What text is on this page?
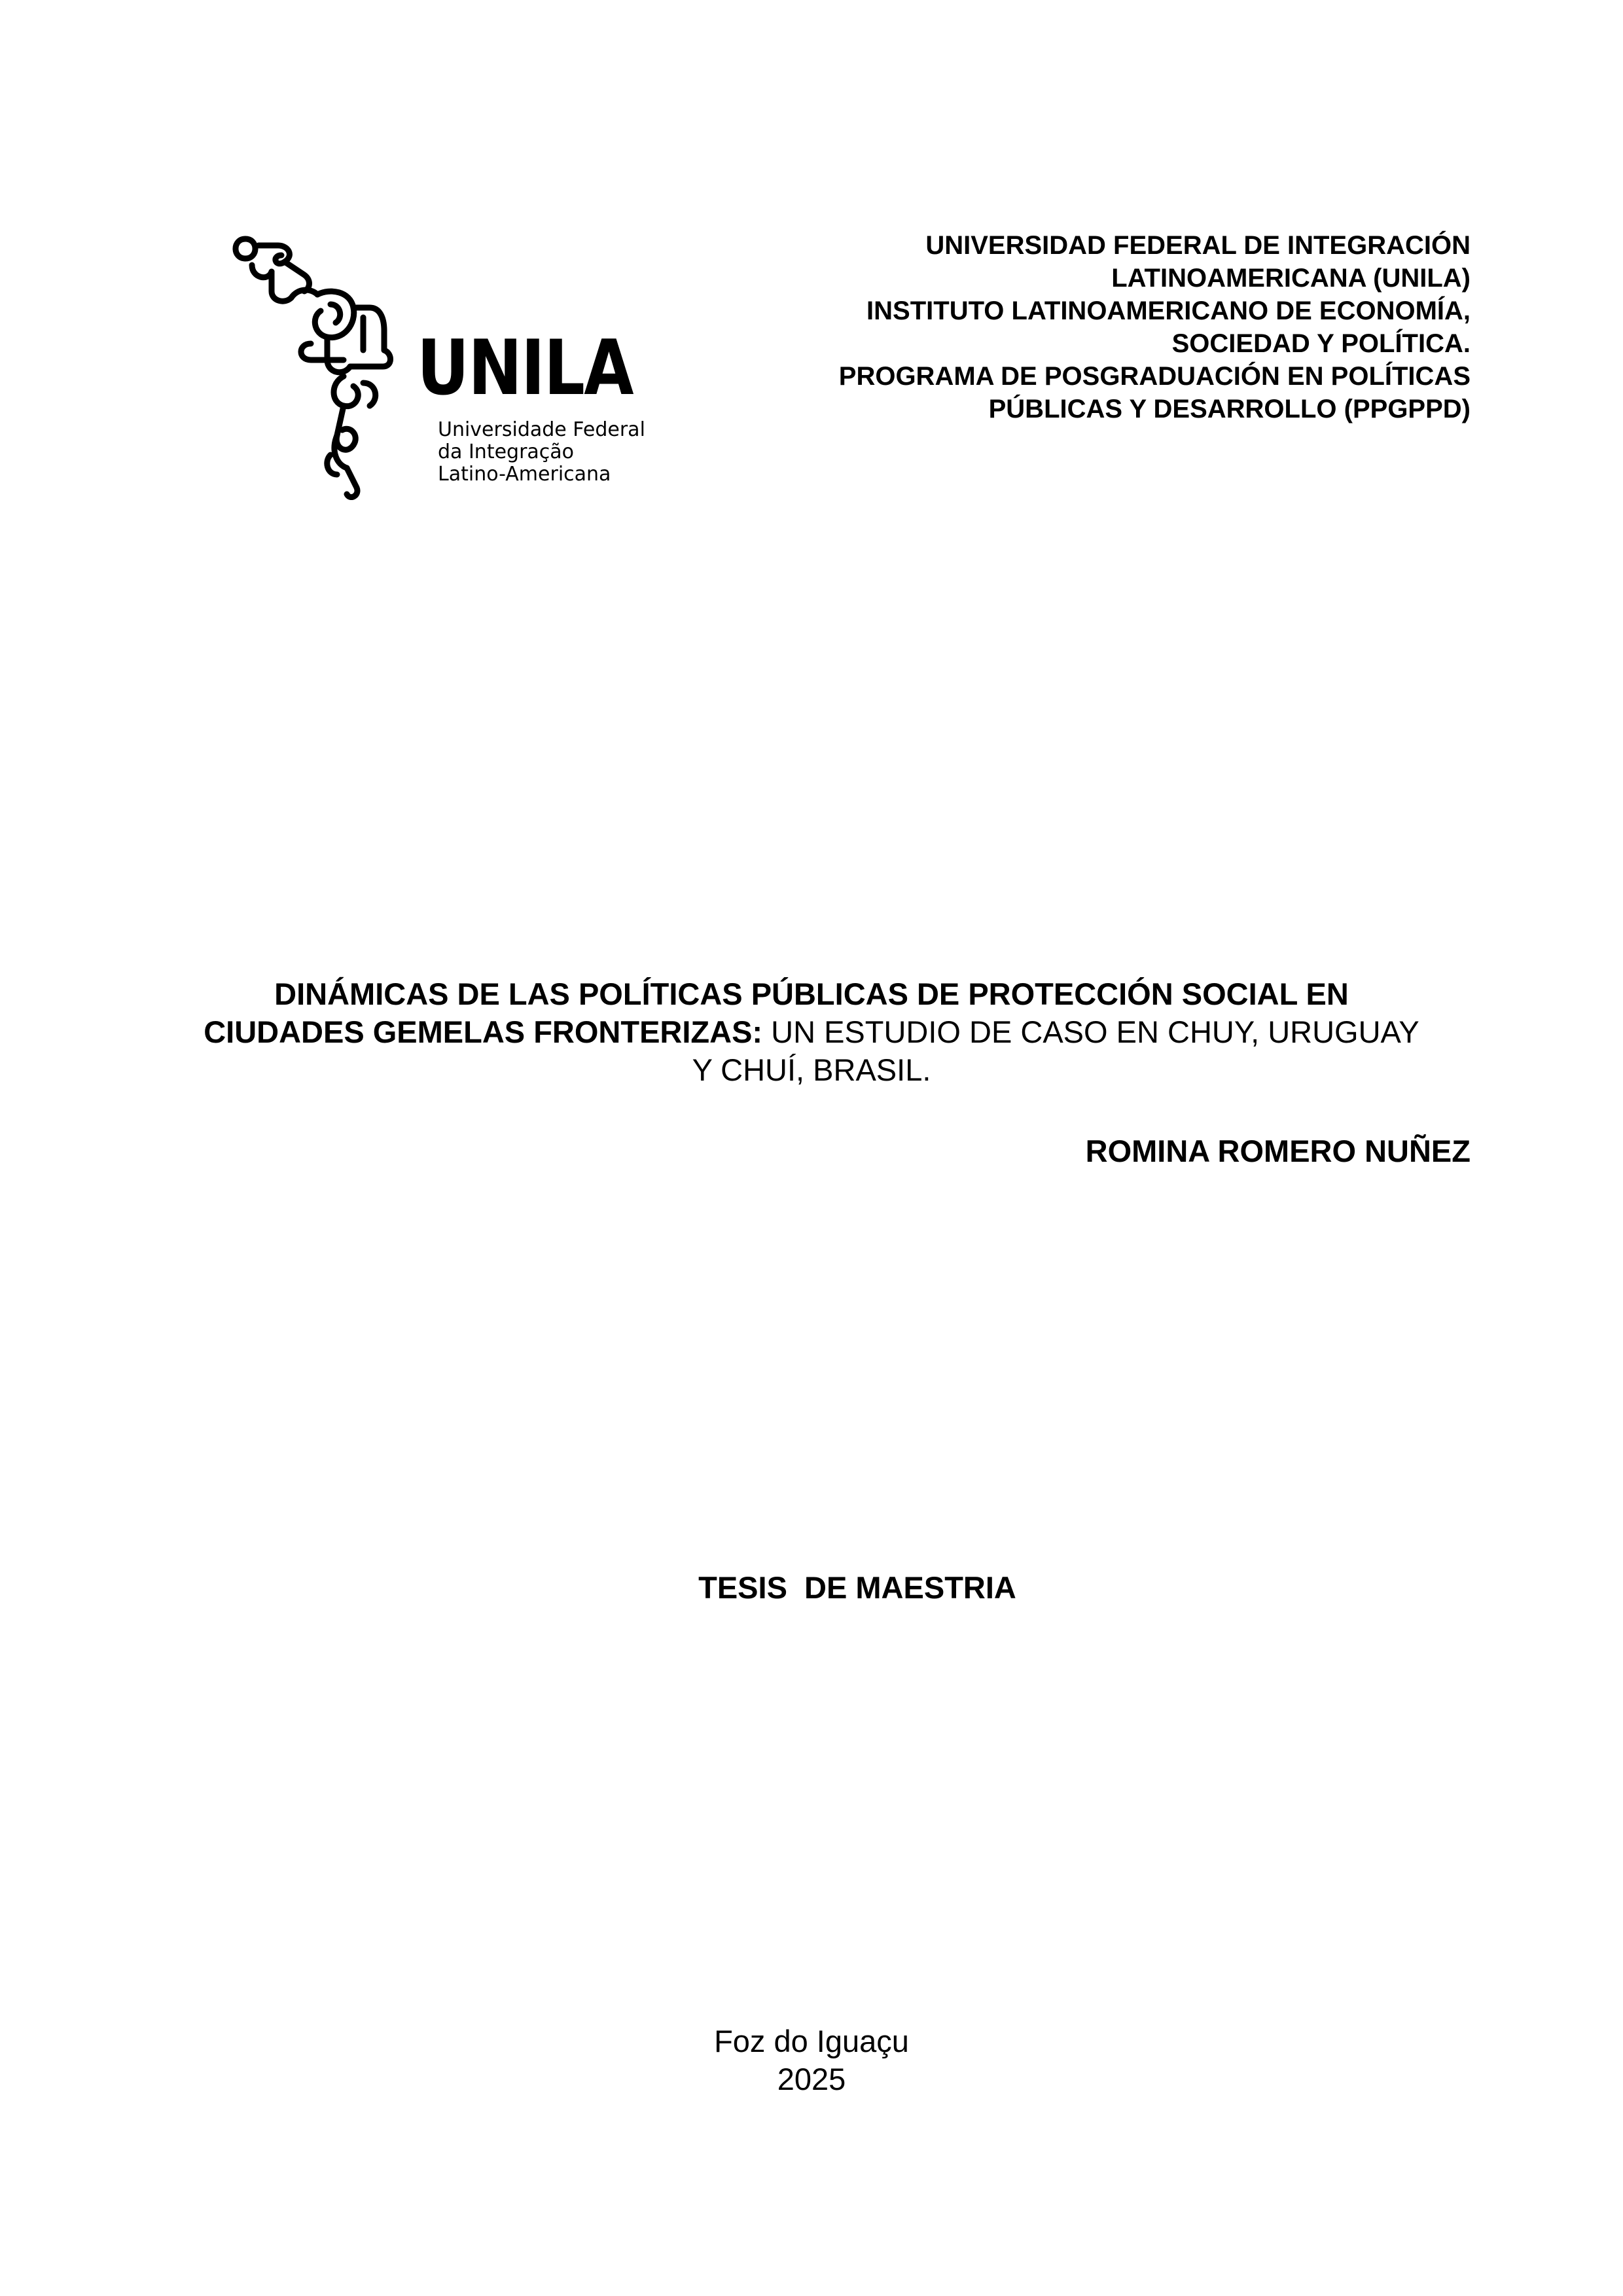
UNILA

Universidade Federal
da Integração
Latino-Americana

UNIVERSIDAD FEDERAL DE INTEGRACIÓN
LATINOAMERICANA (UNILA)
INSTITUTO LATINOAMERICANO DE ECONOMÍA,
SOCIEDAD Y POLÍTICA.
PROGRAMA DE POSGRADUACIÓN EN POLÍTICAS
PÚBLICAS Y DESARROLLO (PPGPPD)

DINÁMICAS DE LAS POLÍTICAS PÚBLICAS DE PROTECCIÓN SOCIAL EN
CIUDADES GEMELAS FRONTERIZAS: UN ESTUDIO DE CASO EN CHUY, URUGUAY
Y CHUÍ, BRASIL.

ROMINA ROMERO NUÑEZ

TESIS  DE MAESTRIA

Foz do Iguaçu
2025
